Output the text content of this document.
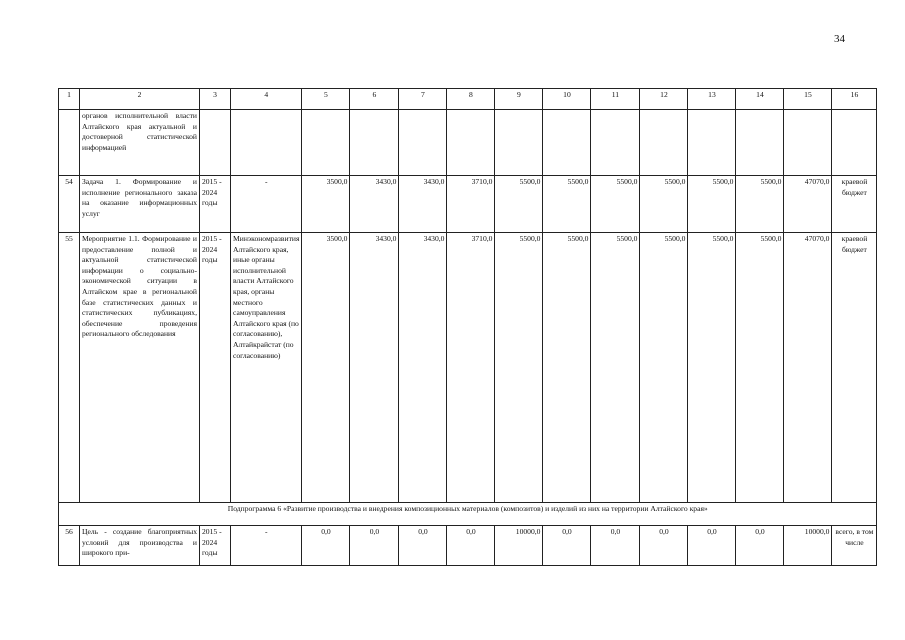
34
1	2	3	4	5	6	7	8	9	10	11	12	13	14	15	16
	органов исполнительной власти Алтайского края актуальной и достоверной статистической информацией														
54	Задача 1. Формирование и исполнение регионального заказа на оказание информационных услуг	2015 - 2024 годы	-	3500,0	3430,0	3430,0	3710,0	5500,0	5500,0	5500,0	5500,0	5500,0	5500,0	47070,0	краевой бюджет
55	Мероприятие 1.1. Формирование и предоставление полной и актуальной статистической информации о социально-экономической ситуации в Алтайском крае в региональной базе статистических данных и статистических публикациях, обеспечение проведения регионального обследования	2015 - 2024 годы	Минэкономразвития Алтайского края, иные органы исполнительной власти Алтайского края, органы местного самоуправления Алтайского края (по согласованию), Алтайкрайстат (по согласованию)	3500,0	3430,0	3430,0	3710,0	5500,0	5500,0	5500,0	5500,0	5500,0	5500,0	47070,0	краевой бюджет
Подпрограмма 6 «Развитие производства и внедрения композиционных материалов (композитов) и изделий из них на территории Алтайского края»															
56	Цель - создание благоприятных условий для производства и широкого при-	2015 - 2024 годы	-	0,0	0,0	0,0	0,0	10000,0	0,0	0,0	0,0	0,0	0,0	10000,0	всего, в том числе
